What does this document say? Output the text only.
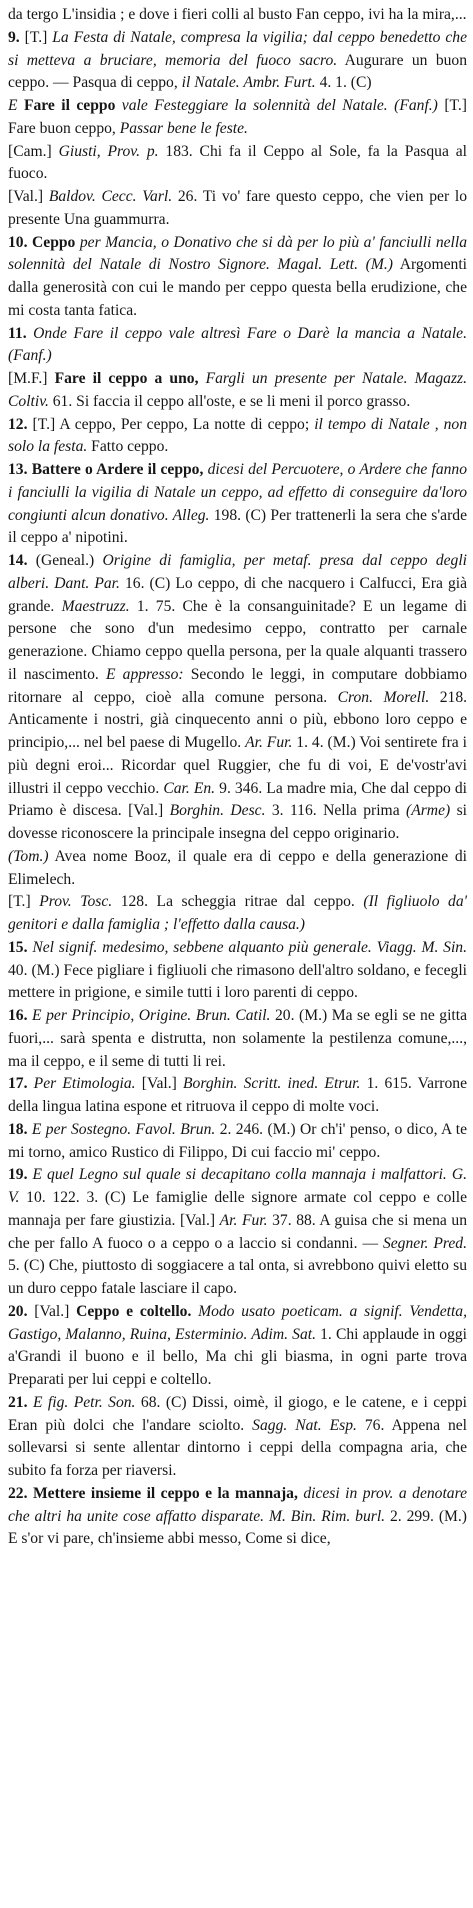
da tergo L'insidia ; e dove i fieri colli al busto Fan ceppo, ivi ha la mira,...

9. [T.] La Festa di Natale, compresa la vigilia; dal ceppo benedetto che si metteva a bruciare, memoria del fuoco sacro. Augurare un buon ceppo. — Pasqua di ceppo, il Natale. Ambr. Furt. 4. 1. (C)

E Fare il ceppo vale Festeggiare la solennità del Natale. (Fanf.) [T.] Fare buon ceppo, Passar bene le feste.

[Cam.] Giusti, Prov. p. 183. Chi fa il Ceppo al Sole, fa la Pasqua al fuoco.

[Val.] Baldov. Cecc. Varl. 26. Ti vo' fare questo ceppo, che vien per lo presente Una guammurra.

10. Ceppo per Mancia, o Donativo che si dà per lo più a' fanciulli nella solennità del Natale di Nostro Signore. Magal. Lett. (M.) Argomenti dalla generosità con cui le mando per ceppo questa bella erudizione, che mi costa tanta fatica.

11. Onde Fare il ceppo vale altresì Fare o Darè la mancia a Natale. (Fanf.)

[M.F.] Fare il ceppo a uno, Fargli un presente per Natale. Magazz. Coltiv. 61. Si faccia il ceppo all'oste, e se li meni il porco grasso.

12. [T.] A ceppo, Per ceppo, La notte di ceppo; il tempo di Natale , non solo la festa. Fatto ceppo.

13. Battere o Ardere il ceppo, dicesi del Percuotere, o Ardere che fanno i fanciulli la vigilia di Natale un ceppo, ad effetto di conseguire da'loro congiunti alcun donativo. Alleg. 198. (C) Per trattenerli la sera che s'arde il ceppo a' nipotini.

14. (Geneal.) Origine di famiglia, per metaf. presa dal ceppo degli alberi. Dant. Par. 16. (C) Lo ceppo, di che nacquero i Calfucci, Era già grande. Maestruzz. 1. 75. Che è la consanguinitade? E un legame di persone che sono d'un medesimo ceppo, contratto per carnale generazione. Chiamo ceppo quella persona, per la quale alquanti trassero il nascimento. E appresso: Secondo le leggi, in computare dobbiamo ritornare al ceppo, cioè alla comune persona. Cron. Morell. 218. Anticamente i nostri, già cinquecento anni o più, ebbono loro ceppo e principio,... nel bel paese di Mugello. Ar. Fur. 1. 4. (M.) Voi sentirete fra i più degni eroi... Ricordar quel Ruggier, che fu di voi, E de'vostr'avi illustri il ceppo vecchio. Car. En. 9. 346. La madre mia, Che dal ceppo di Priamo è discesa. [Val.] Borghin. Desc. 3. 116. Nella prima (Arme) si dovesse riconoscere la principale insegna del ceppo originario.

(Tom.) Avea nome Booz, il quale era di ceppo e della generazione di Elimelech.

[T.] Prov. Tosc. 128. La scheggia ritrae dal ceppo. (Il figliuolo da' genitori e dalla famiglia ; l'effetto dalla causa.)

15. Nel signif. medesimo, sebbene alquanto più generale. Viagg. M. Sin. 40. (M.) Fece pigliare i figliuoli che rimasono dell'altro soldano, e fecegli mettere in prigione, e simile tutti i loro parenti di ceppo.

16. E per Principio, Origine. Brun. Catil. 20. (M.) Ma se egli se ne gitta fuori,... sarà spenta e distrutta, non solamente la pestilenza comune,..., ma il ceppo, e il seme di tutti li rei.

17. Per Etimologia. [Val.] Borghin. Scritt. ined. Etrur. 1. 615. Varrone della lingua latina espone et ritruova il ceppo di molte voci.

18. E per Sostegno. Favol. Brun. 2. 246. (M.) Or ch'i' penso, o dico, A te mi torno, amico Rustico di Filippo, Di cui faccio mi' ceppo.

19. E quel Legno sul quale si decapitano colla mannaja i malfattori. G. V. 10. 122. 3. (C) Le famiglie delle signore armate col ceppo e colle mannaja per fare giustizia. [Val.] Ar. Fur. 37. 88. A guisa che si mena un che per fallo A fuoco o a ceppo o a laccio si condanni. — Segner. Pred. 5. (C) Che, piuttosto di soggiacere a tal onta, si avrebbono quivi eletto su un duro ceppo fatale lasciare il capo.

20. [Val.] Ceppo e coltello. Modo usato poeticam. a signif. Vendetta, Gastigo, Malanno, Ruina, Esterminio. Adim. Sat. 1. Chi applaude in oggi a'Grandi il buono e il bello, Ma chi gli biasma, in ogni parte trova Preparati per lui ceppi e coltello.

21. E fig. Petr. Son. 68. (C) Dissi, oimè, il giogo, e le catene, e i ceppi Eran più dolci che l'andare sciolto. Sagg. Nat. Esp. 76. Appena nel sollevarsi si sente allentar dintorno i ceppi della compagna aria, che subito fa forza per riaversi.

22. Mettere insieme il ceppo e la mannaja, dicesi in prov. a denotare che altri ha unite cose affatto disparate. M. Bin. Rim. burl. 2. 299. (M.) E s'or vi pare, ch'insieme abbi messo, Come si dice,
